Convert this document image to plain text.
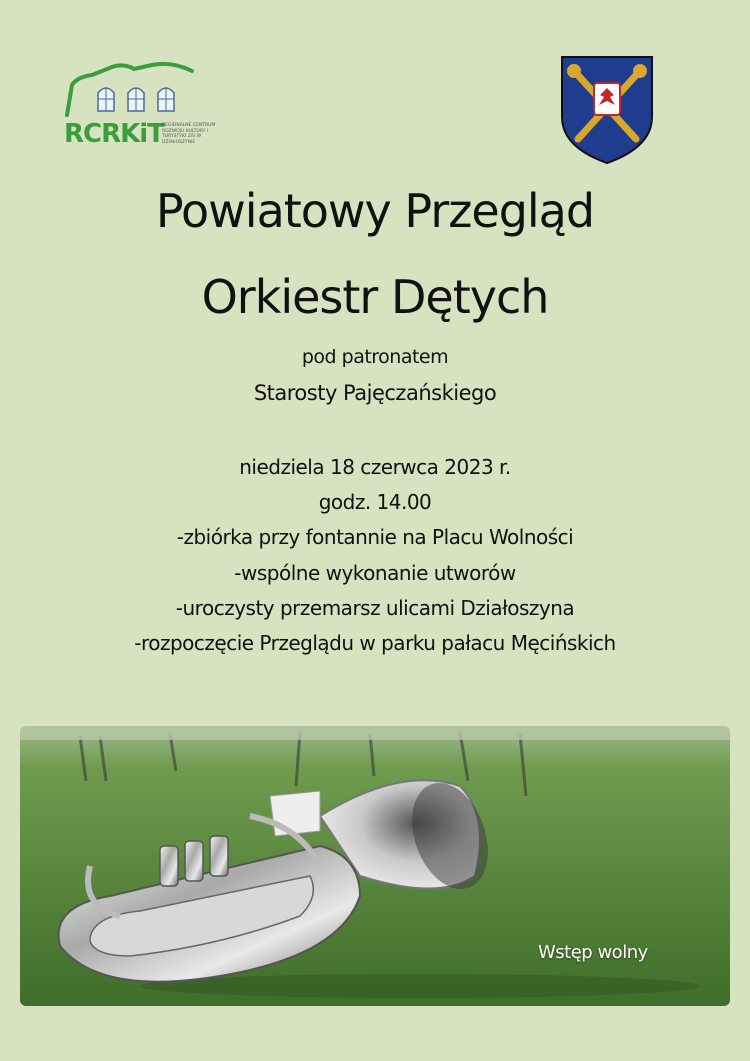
RCRKiT
REGIONALNE CENTRUM ROZWOJU KULTURY I TURYSTYKI Z/S W DZIAŁOSZYNIE
Powiatowy Przegląd
Orkiestr Dętych
pod patronatem
Starosty Pajęczańskiego
niedziela 18 czerwca 2023 r.
godz. 14.00
-zbiórka przy fontannie na Placu Wolności
-wspólne wykonanie utworów
-uroczysty przemarsz ulicami Działoszyna
-rozpoczęcie Przeglądu w parku pałacu Męcińskich
Wstęp wolny
